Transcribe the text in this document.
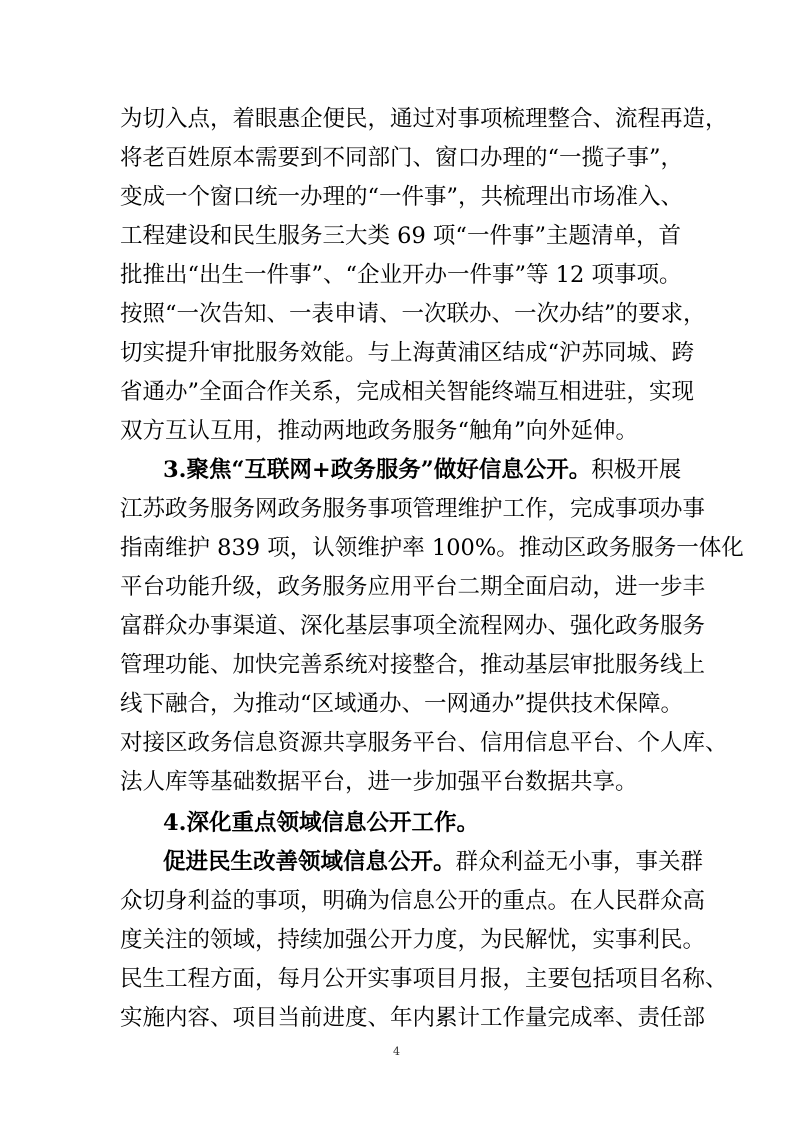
为切入点，着眼惠企便民，通过对事项梳理整合、流程再造，
将老百姓原本需要到不同部门、窗口办理的“一揽子事”，
变成一个窗口统一办理的“一件事”，共梳理出市场准入、
工程建设和民生服务三大类 69 项“一件事”主题清单，首
批推出“出生一件事”、“企业开办一件事”等 12 项事项。
按照“一次告知、一表申请、一次联办、一次办结”的要求，
切实提升审批服务效能。与上海黄浦区结成“沪苏同城、跨
省通办”全面合作关系，完成相关智能终端互相进驻，实现
双方互认互用，推动两地政务服务“触角”向外延伸。
3.聚焦“互联网+政务服务”做好信息公开。积极开展
江苏政务服务网政务服务事项管理维护工作，完成事项办事
指南维护 839 项，认领维护率 100%。推动区政务服务一体化
平台功能升级，政务服务应用平台二期全面启动，进一步丰
富群众办事渠道、深化基层事项全流程网办、强化政务服务
管理功能、加快完善系统对接整合，推动基层审批服务线上
线下融合，为推动“区域通办、一网通办”提供技术保障。
对接区政务信息资源共享服务平台、信用信息平台、个人库、
法人库等基础数据平台，进一步加强平台数据共享。
4.深化重点领域信息公开工作。
促进民生改善领域信息公开。群众利益无小事，事关群
众切身利益的事项，明确为信息公开的重点。在人民群众高
度关注的领域，持续加强公开力度，为民解忧，实事利民。
民生工程方面，每月公开实事项目月报，主要包括项目名称、
实施内容、项目当前进度、年内累计工作量完成率、责任部
4
